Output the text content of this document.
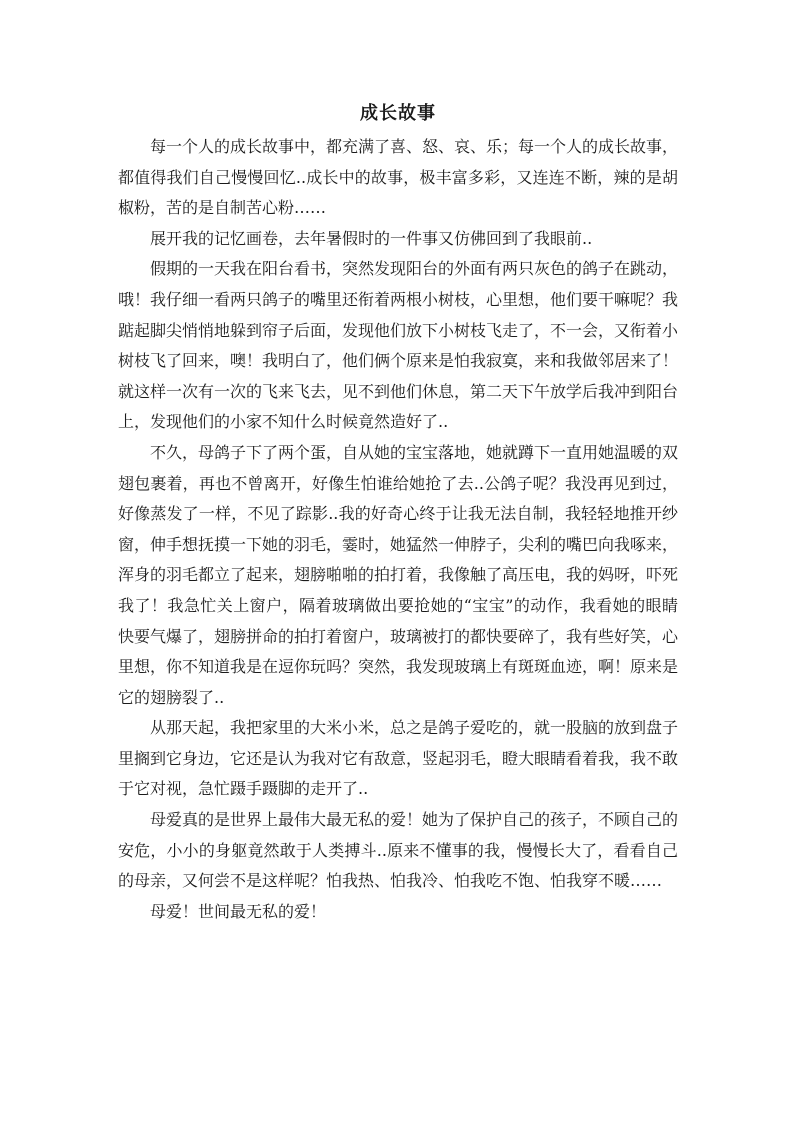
成长故事

每一个人的成长故事中，都充满了喜、怒、哀、乐；每一个人的成长故事，都值得我们自己慢慢回忆..成长中的故事，极丰富多彩，又连连不断，辣的是胡椒粉，苦的是自制苦心粉……

展开我的记忆画卷，去年暑假时的一件事又仿佛回到了我眼前..

假期的一天我在阳台看书，突然发现阳台的外面有两只灰色的鸽子在跳动，哦！我仔细一看两只鸽子的嘴里还衔着两根小树枝，心里想，他们要干嘛呢？我踮起脚尖悄悄地躲到帘子后面，发现他们放下小树枝飞走了，不一会，又衔着小树枝飞了回来，噢！我明白了，他们俩个原来是怕我寂寞，来和我做邻居来了！就这样一次有一次的飞来飞去，见不到他们休息，第二天下午放学后我冲到阳台上，发现他们的小家不知什么时候竟然造好了..

不久，母鸽子下了两个蛋，自从她的宝宝落地，她就蹲下一直用她温暖的双翅包裹着，再也不曾离开，好像生怕谁给她抢了去..公鸽子呢？我没再见到过，好像蒸发了一样，不见了踪影..我的好奇心终于让我无法自制，我轻轻地推开纱窗，伸手想抚摸一下她的羽毛，霎时，她猛然一伸脖子，尖利的嘴巴向我啄来，浑身的羽毛都立了起来，翅膀啪啪的拍打着，我像触了高压电，我的妈呀，吓死我了！我急忙关上窗户，隔着玻璃做出要抢她的“宝宝”的动作，我看她的眼睛快要气爆了，翅膀拼命的拍打着窗户，玻璃被打的都快要碎了，我有些好笑，心里想，你不知道我是在逗你玩吗？突然，我发现玻璃上有斑斑血迹，啊！原来是它的翅膀裂了..

从那天起，我把家里的大米小米，总之是鸽子爱吃的，就一股脑的放到盘子里搁到它身边，它还是认为我对它有敌意，竖起羽毛，瞪大眼睛看着我，我不敢于它对视，急忙蹑手蹑脚的走开了..

母爱真的是世界上最伟大最无私的爱！她为了保护自己的孩子，不顾自己的安危，小小的身躯竟然敢于人类搏斗..原来不懂事的我，慢慢长大了，看看自己的母亲，又何尝不是这样呢？怕我热、怕我冷、怕我吃不饱、怕我穿不暖……

母爱！世间最无私的爱！
